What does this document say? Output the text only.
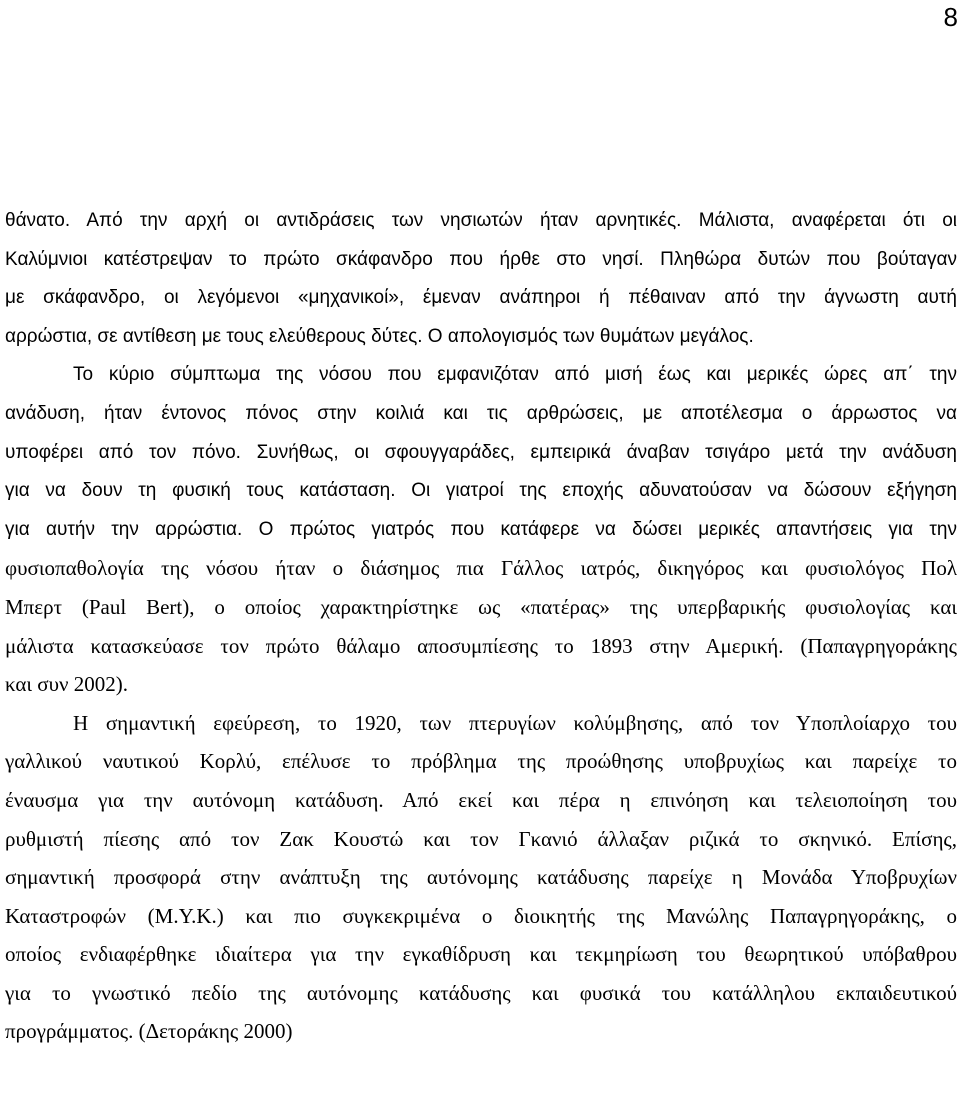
8
θάνατο. Από την αρχή οι αντιδράσεις των νησιωτών ήταν αρνητικές. Μάλιστα, αναφέρεται ότι οι
Καλύμνιοι κατέστρεψαν το πρώτο σκάφανδρο που ήρθε στο νησί. Πληθώρα δυτών που βούταγαν
με σκάφανδρο, οι λεγόμενοι «μηχανικοί», έμεναν ανάπηροι ή πέθαιναν από την άγνωστη αυτή
αρρώστια, σε αντίθεση με τους ελεύθερους δύτες. Ο απολογισμός των θυμάτων μεγάλος.
Το κύριο σύμπτωμα της νόσου που εμφανιζόταν από μισή έως και μερικές ώρες απ΄ την
ανάδυση, ήταν έντονος πόνος στην κοιλιά και τις αρθρώσεις, με αποτέλεσμα ο άρρωστος να
υποφέρει από τον πόνο. Συνήθως, οι σφουγγαράδες, εμπειρικά άναβαν τσιγάρο μετά την ανάδυση
για να δουν τη φυσική τους κατάσταση. Οι γιατροί της εποχής αδυνατούσαν να δώσουν εξήγηση
για αυτήν την αρρώστια. Ο πρώτος γιατρός που κατάφερε να δώσει μερικές απαντήσεις για την
φυσιοπαθολογία της νόσου ήταν ο διάσημος πια Γάλλος ιατρός, δικηγόρος και φυσιολόγος Πολ
Μπερτ (Paul Bert), ο οποίος χαρακτηρίστηκε ως «πατέρας» της υπερβαρικής φυσιολογίας και
μάλιστα κατασκεύασε τον πρώτο θάλαμο αποσυμπίεσης το 1893 στην Αμερική. (Παπαγρηγοράκης
και συν 2002).
Η σημαντική εφεύρεση, το 1920, των πτερυγίων κολύμβησης, από τον Υποπλοίαρχο του
γαλλικού ναυτικού Κορλύ, επέλυσε το πρόβλημα της προώθησης υποβρυχίως και παρείχε το
έναυσμα για την αυτόνομη κατάδυση. Από εκεί και πέρα η επινόηση και τελειοποίηση του
ρυθμιστή πίεσης από τον Ζακ Κουστώ και τον Γκανιό άλλαξαν ριζικά το σκηνικό. Επίσης,
σημαντική προσφορά στην ανάπτυξη της αυτόνομης κατάδυσης παρείχε η Μονάδα Υποβρυχίων
Καταστροφών (Μ.Υ.Κ.) και πιο συγκεκριμένα ο διοικητής της Μανώλης Παπαγρηγοράκης, ο
οποίος ενδιαφέρθηκε ιδιαίτερα για την εγκαθίδρυση και τεκμηρίωση του θεωρητικού υπόβαθρου
για το γνωστικό πεδίο της αυτόνομης κατάδυσης και φυσικά του κατάλληλου εκπαιδευτικού
προγράμματος. (Δετοράκης 2000)
